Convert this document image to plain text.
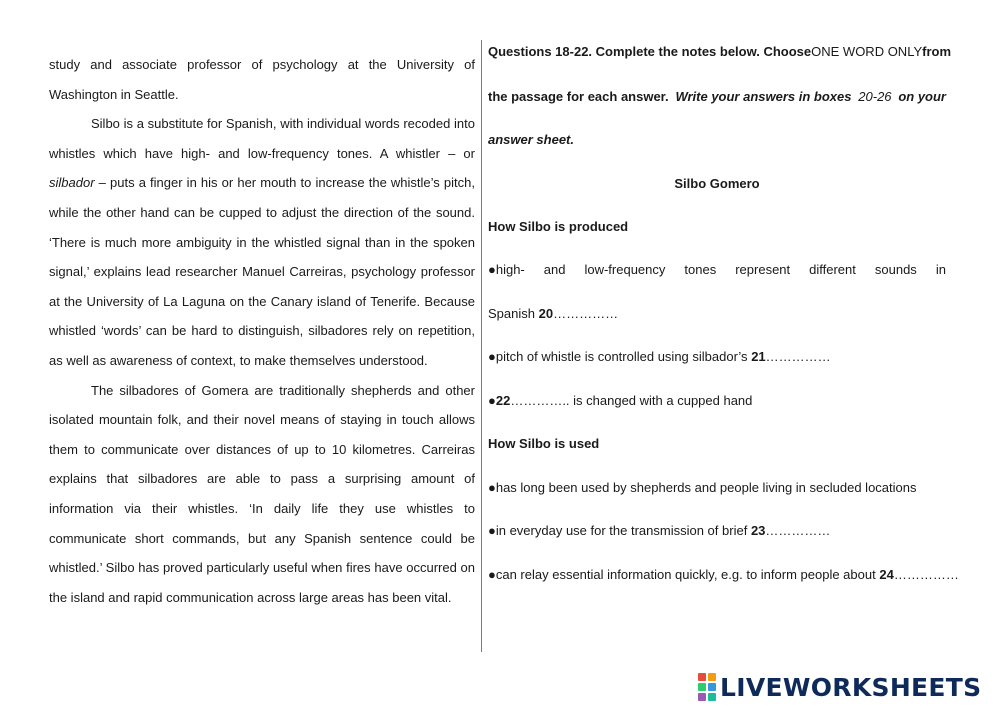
study and associate professor of psychology at the University of Washington in Seattle.

Silbo is a substitute for Spanish, with individual words recoded into whistles which have high- and low-frequency tones. A whistler – or silbador – puts a finger in his or her mouth to increase the whistle’s pitch, while the other hand can be cupped to adjust the direction of the sound. ‘There is much more ambiguity in the whistled signal than in the spoken signal,’ explains lead researcher Manuel Carreiras, psychology professor at the University of La Laguna on the Canary island of Tenerife. Because whistled ‘words’ can be hard to distinguish, silbadores rely on repetition, as well as awareness of context, to make themselves understood.

The silbadores of Gomera are traditionally shepherds and other isolated mountain folk, and their novel means of staying in touch allows them to communicate over distances of up to 10 kilometres. Carreiras explains that silbadores are able to pass a surprising amount of information via their whistles. ‘In daily life they use whistles to communicate short commands, but any Spanish sentence could be whistled.’ Silbo has proved particularly useful when fires have occurred on the island and rapid communication across large areas has been vital.

Questions 18-22. Complete the notes below. Choose ONE WORD ONLY from
the passage for each answer. Write your answers in boxes 20-26 on your
answer sheet.
Silbo Gomero
How Silbo is produced
●high- and low-frequency tones represent different sounds in
Spanish 20……………
●pitch of whistle is controlled using silbador’s 21……………
●22………….. is changed with a cupped hand
How Silbo is used
●has long been used by shepherds and people living in secluded locations
●in everyday use for the transmission of brief 23……………
●can relay essential information quickly, e.g. to inform people about 24……………
LIVEWORKSHEETS
